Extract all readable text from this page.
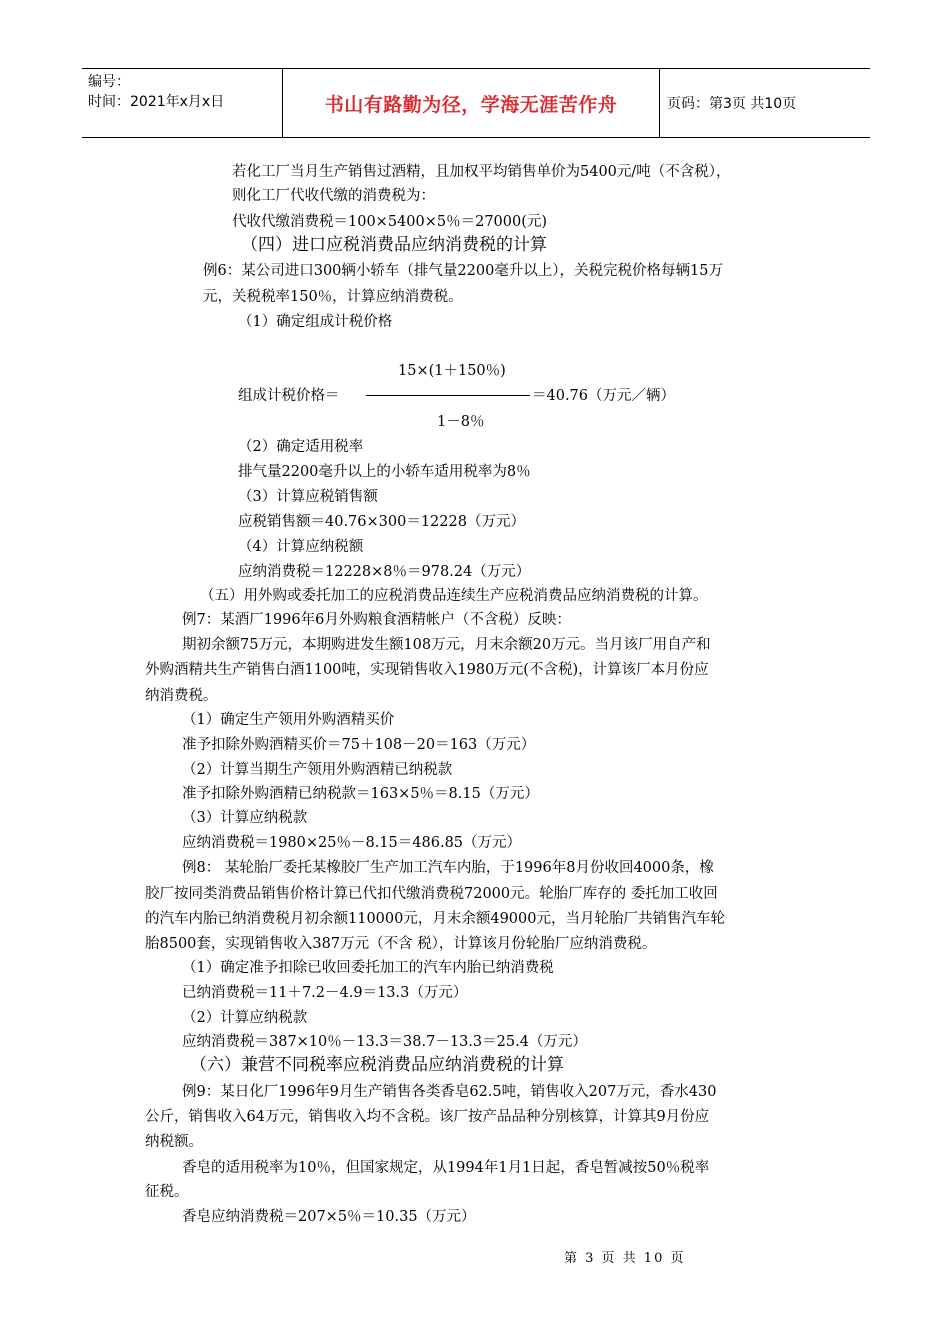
编号：
时间：2021年x月x日	书山有路勤为径，学海无涯苦作舟	页码：第3页 共10页
若化工厂当月生产销售过酒精，且加权平均销售单价为5400元/吨（不含税），
则化工厂代收代缴的消费税为：
代收代缴消费税＝100×5400×5％＝27000(元)
（四）进口应税消费品应纳消费税的计算
例6：某公司进口300辆小轿车（排气量2200毫升以上），关税完税价格每辆15万
元，关税税率150％，计算应纳消费税。
（1）确定组成计税价格
15×(1＋150％)
组成计税价格＝	＝40.76（万元／辆）
1－8％
（2）确定适用税率
排气量2200毫升以上的小轿车适用税率为8％
（3）计算应税销售额
应税销售额＝40.76×300＝12228（万元）
（4）计算应纳税额
应纳消费税＝12228×8％＝978.24（万元）
（五）用外购或委托加工的应税消费品连续生产应税消费品应纳消费税的计算。
例7：某酒厂1996年6月外购粮食酒精帐户（不含税）反映：
期初余额75万元，本期购进发生额108万元，月末余额20万元。当月该厂用自产和
外购酒精共生产销售白酒1100吨，实现销售收入1980万元(不含税)，计算该厂本月份应
纳消费税。
（1）确定生产领用外购酒精买价
准予扣除外购酒精买价＝75＋108－20＝163（万元）
（2）计算当期生产领用外购酒精已纳税款
准予扣除外购酒精已纳税款＝163×5％＝8.15（万元）
（3）计算应纳税款
应纳消费税＝1980×25％－8.15＝486.85（万元）
例8： 某轮胎厂委托某橡胶厂生产加工汽车内胎，于1996年8月份收回4000条，橡
胶厂按同类消费品销售价格计算已代扣代缴消费税72000元。轮胎厂库存的 委托加工收回
的汽车内胎已纳消费税月初余额110000元，月末余额49000元，当月轮胎厂共销售汽车轮
胎8500套，实现销售收入387万元（不含 税），计算该月份轮胎厂应纳消费税。
（1）确定准予扣除已收回委托加工的汽车内胎已纳消费税
已纳消费税＝11＋7.2－4.9＝13.3（万元）
（2）计算应纳税款
应纳消费税＝387×10％－13.3＝38.7－13.3＝25.4（万元）
（六）兼营不同税率应税消费品应纳消费税的计算
例9：某日化厂1996年9月生产销售各类香皂62.5吨，销售收入207万元，香水430
公斤，销售收入64万元，销售收入均不含税。该厂按产品品种分别核算，计算其9月份应
纳税额。
香皂的适用税率为10％，但国家规定，从1994年1月1日起，香皂暂减按50％税率
征税。
香皂应纳消费税＝207×5％＝10.35（万元）
第 3 页 共 10 页
